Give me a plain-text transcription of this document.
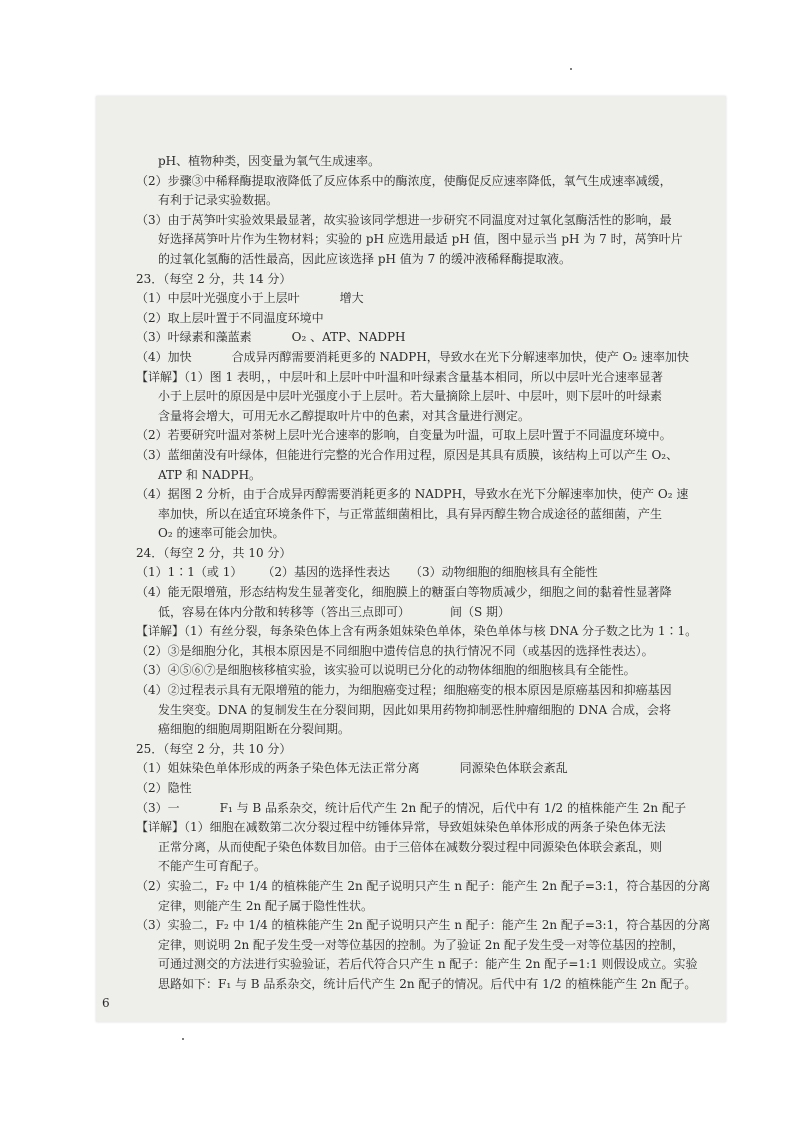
pH、植物种类，因变量为氧气生成速率。

（2）步骤③中稀释酶提取液降低了反应体系中的酶浓度，使酶促反应速率降低，氧气生成速率减缓，

有利于记录实验数据。

（3）由于莴笋叶实验效果最显著，故实验该同学想进一步研究不同温度对过氧化氢酶活性的影响，最

好选择莴笋叶片作为生物材料；实验的 pH 应选用最适 pH 值，图中显示当 pH 为 7 时，莴笋叶片

的过氧化氢酶的活性最高，因此应该选择 pH 值为 7 的缓冲液稀释酶提取液。

23．（每空 2 分，共 14 分）

（1）中层叶光强度小于上层叶	增大

（2）取上层叶置于不同温度环境中

（3）叶绿素和藻蓝素	O₂ 、ATP、NADPH

（4）加快	合成异丙醇需要消耗更多的 NADPH，导致水在光下分解速率加快，使产 O₂ 速率加快

【详解】（1）图 1 表明，，中层叶和上层叶中叶温和叶绿素含量基本相同，所以中层叶光合速率显著

小于上层叶的原因是中层叶光强度小于上层叶。若大量摘除上层叶、中层叶，则下层叶的叶绿素

含量将会增大，可用无水乙醇提取叶片中的色素，对其含量进行测定。

（2）若要研究叶温对茶树上层叶光合速率的影响，自变量为叶温，可取上层叶置于不同温度环境中。

（3）蓝细菌没有叶绿体，但能进行完整的光合作用过程，原因是其具有质膜，该结构上可以产生 O₂、

ATP 和 NADPH。

（4）据图 2 分析，由于合成异丙醇需要消耗更多的 NADPH，导致水在光下分解速率加快，使产 O₂ 速

率加快，所以在适宜环境条件下，与正常蓝细菌相比，具有异丙醇生物合成途径的蓝细菌，产生

O₂ 的速率可能会加快。

24．（每空 2 分，共 10 分）

（1）1∶1（或 1） （2）基因的选择性表达 （3）动物细胞的细胞核具有全能性

（4）能无限增殖，形态结构发生显著变化，细胞膜上的糖蛋白等物质减少，细胞之间的黏着性显著降

低，容易在体内分散和转移等（答出三点即可）	间（S 期）

【详解】（1）有丝分裂，每条染色体上含有两条姐妹染色单体，染色单体与核 DNA 分子数之比为 1∶1。

（2）③是细胞分化，其根本原因是不同细胞中遗传信息的执行情况不同（或基因的选择性表达）。

（3）④⑤⑥⑦是细胞核移植实验，该实验可以说明已分化的动物体细胞的细胞核具有全能性。

（4）②过程表示具有无限增殖的能力，为细胞癌变过程；细胞癌变的根本原因是原癌基因和抑癌基因

发生突变。DNA 的复制发生在分裂间期，因此如果用药物抑制恶性肿瘤细胞的 DNA 合成，会将

癌细胞的细胞周期阻断在分裂间期。

25．（每空 2 分，共 10 分）

（1）姐妹染色单体形成的两条子染色体无法正常分离	同源染色体联会紊乱

（2）隐性

（3）一	F₁ 与 B 品系杂交，统计后代产生 2n 配子的情况，后代中有 1/2 的植株能产生 2n 配子

【详解】（1）细胞在减数第二次分裂过程中纺锤体异常，导致姐妹染色单体形成的两条子染色体无法

正常分离，从而使配子染色体数目加倍。由于三倍体在减数分裂过程中同源染色体联会紊乱，则

不能产生可育配子。

（2）实验二，F₂ 中 1/4 的植株能产生 2n 配子说明只产生 n 配子：能产生 2n 配子=3:1，符合基因的分离

定律，则能产生 2n 配子属于隐性性状。

（3）实验二，F₂ 中 1/4 的植株能产生 2n 配子说明只产生 n 配子：能产生 2n 配子=3:1，符合基因的分离

定律，则说明 2n 配子发生受一对等位基因的控制。为了验证 2n 配子发生受一对等位基因的控制，

可通过测交的方法进行实验验证，若后代符合只产生 n 配子：能产生 2n 配子=1:1 则假设成立。实验

思路如下：F₁ 与 B 品系杂交，统计后代产生 2n 配子的情况。后代中有 1/2 的植株能产生 2n 配子。

6
